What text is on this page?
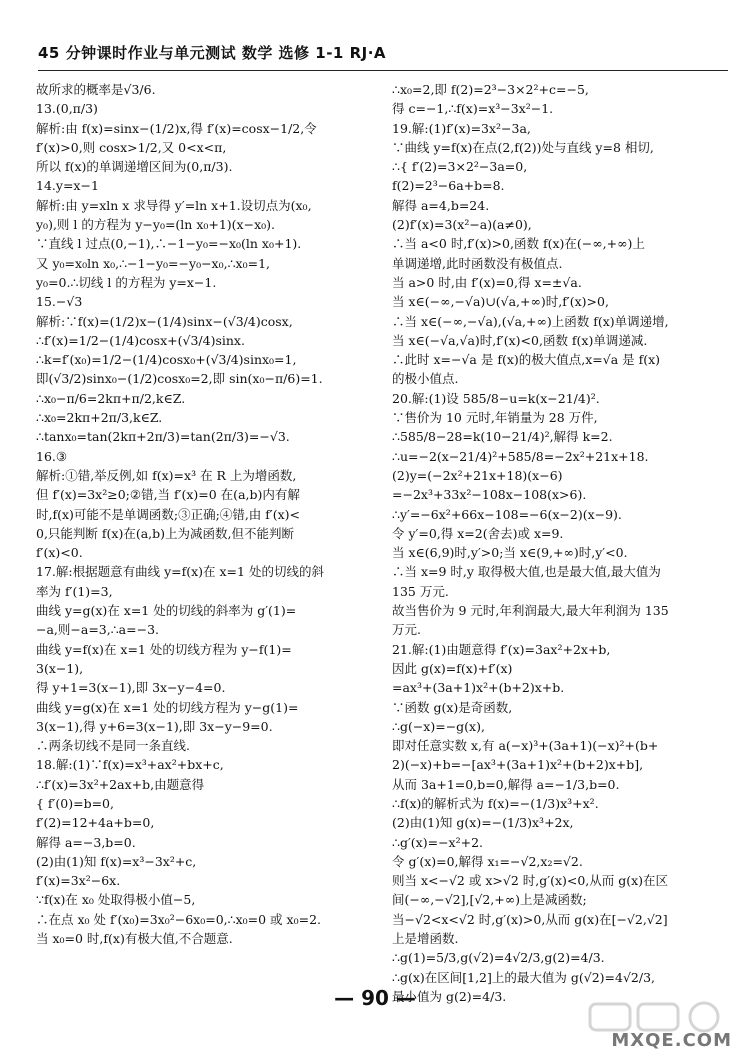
45 分钟课时作业与单元测试 数学 选修 1-1 RJ·A
故所求的概率是√3/6.
13.(0,π/3)
解析:由 f(x)=sinx−(1/2)x,得 f′(x)=cosx−1/2,令
f′(x)>0,则 cosx>1/2,又 0<x<π,
所以 f(x)的单调递增区间为(0,π/3).
14.y=x−1
解析:由 y=xln x 求导得 y′=ln x+1.设切点为(x₀,
y₀),则 l 的方程为 y−y₀=(ln x₀+1)(x−x₀).
∵直线 l 过点(0,−1),∴−1−y₀=−x₀(ln x₀+1).
又 y₀=x₀ln x₀,∴−1−y₀=−y₀−x₀,∴x₀=1,
y₀=0.∴切线 l 的方程为 y=x−1.
15.−√3
解析:∵f(x)=(1/2)x−(1/4)sinx−(√3/4)cosx,
∴f′(x)=1/2−(1/4)cosx+(√3/4)sinx.
∴k=f′(x₀)=1/2−(1/4)cosx₀+(√3/4)sinx₀=1,
即(√3/2)sinx₀−(1/2)cosx₀=2,即 sin(x₀−π/6)=1.
∴x₀−π/6=2kπ+π/2,k∈Z.
∴x₀=2kπ+2π/3,k∈Z.
∴tanx₀=tan(2kπ+2π/3)=tan(2π/3)=−√3.
16.③
解析:①错,举反例,如 f(x)=x³ 在 R 上为增函数,
但 f′(x)=3x²≥0;②错,当 f′(x)=0 在(a,b)内有解
时,f(x)可能不是单调函数;③正确;④错,由 f′(x)<
0,只能判断 f(x)在(a,b)上为减函数,但不能判断
f′(x)<0.
17.解:根据题意有曲线 y=f(x)在 x=1 处的切线的斜
率为 f′(1)=3,
曲线 y=g(x)在 x=1 处的切线的斜率为 g′(1)=
−a,则−a=3,∴a=−3.
曲线 y=f(x)在 x=1 处的切线方程为 y−f(1)=
3(x−1),
得 y+1=3(x−1),即 3x−y−4=0.
曲线 y=g(x)在 x=1 处的切线方程为 y−g(1)=
3(x−1),得 y+6=3(x−1),即 3x−y−9=0.
∴两条切线不是同一条直线.
18.解:(1)∵f(x)=x³+ax²+bx+c,
∴f′(x)=3x²+2ax+b,由题意得
{ f′(0)=b=0,
f′(2)=12+4a+b=0,
解得 a=−3,b=0.
(2)由(1)知 f(x)=x³−3x²+c,
f′(x)=3x²−6x.
∵f(x)在 x₀ 处取得极小值−5,
∴在点 x₀ 处 f′(x₀)=3x₀²−6x₀=0,∴x₀=0 或 x₀=2.
当 x₀=0 时,f(x)有极大值,不合题意.
∴x₀=2,即 f(2)=2³−3×2²+c=−5,
得 c=−1,∴f(x)=x³−3x²−1.
19.解:(1)f′(x)=3x²−3a,
∵曲线 y=f(x)在点(2,f(2))处与直线 y=8 相切,
∴{ f′(2)=3×2²−3a=0,
f(2)=2³−6a+b=8.
解得 a=4,b=24.
(2)f′(x)=3(x²−a)(a≠0),
∴当 a<0 时,f′(x)>0,函数 f(x)在(−∞,+∞)上
单调递增,此时函数没有极值点.
当 a>0 时,由 f′(x)=0,得 x=±√a.
当 x∈(−∞,−√a)∪(√a,+∞)时,f′(x)>0,
∴当 x∈(−∞,−√a),(√a,+∞)上函数 f(x)单调递增,
当 x∈(−√a,√a)时,f′(x)<0,函数 f(x)单调递减.
∴此时 x=−√a 是 f(x)的极大值点,x=√a 是 f(x)
的极小值点.
20.解:(1)设 585/8−u=k(x−21/4)².
∵售价为 10 元时,年销量为 28 万件,
∴585/8−28=k(10−21/4)²,解得 k=2.
∴u=−2(x−21/4)²+585/8=−2x²+21x+18.
(2)y=(−2x²+21x+18)(x−6)
=−2x³+33x²−108x−108(x>6).
∴y′=−6x²+66x−108=−6(x−2)(x−9).
令 y′=0,得 x=2(舍去)或 x=9.
当 x∈(6,9)时,y′>0;当 x∈(9,+∞)时,y′<0.
∴当 x=9 时,y 取得极大值,也是最大值,最大值为
135 万元.
故当售价为 9 元时,年利润最大,最大年利润为 135
万元.
21.解:(1)由题意得 f′(x)=3ax²+2x+b,
因此 g(x)=f(x)+f′(x)
=ax³+(3a+1)x²+(b+2)x+b.
∵函数 g(x)是奇函数,
∴g(−x)=−g(x),
即对任意实数 x,有 a(−x)³+(3a+1)(−x)²+(b+
2)(−x)+b=−[ax³+(3a+1)x²+(b+2)x+b],
从而 3a+1=0,b=0,解得 a=−1/3,b=0.
∴f(x)的解析式为 f(x)=−(1/3)x³+x².
(2)由(1)知 g(x)=−(1/3)x³+2x,
∴g′(x)=−x²+2.
令 g′(x)=0,解得 x₁=−√2,x₂=√2.
则当 x<−√2 或 x>√2 时,g′(x)<0,从而 g(x)在区
间(−∞,−√2],[√2,+∞)上是减函数;
当−√2<x<√2 时,g′(x)>0,从而 g(x)在[−√2,√2]
上是增函数.
∴g(1)=5/3,g(√2)=4√2/3,g(2)=4/3.
∴g(x)在区间[1,2]上的最大值为 g(√2)=4√2/3,
最小值为 g(2)=4/3.
— 90 —
MXQE.COM
